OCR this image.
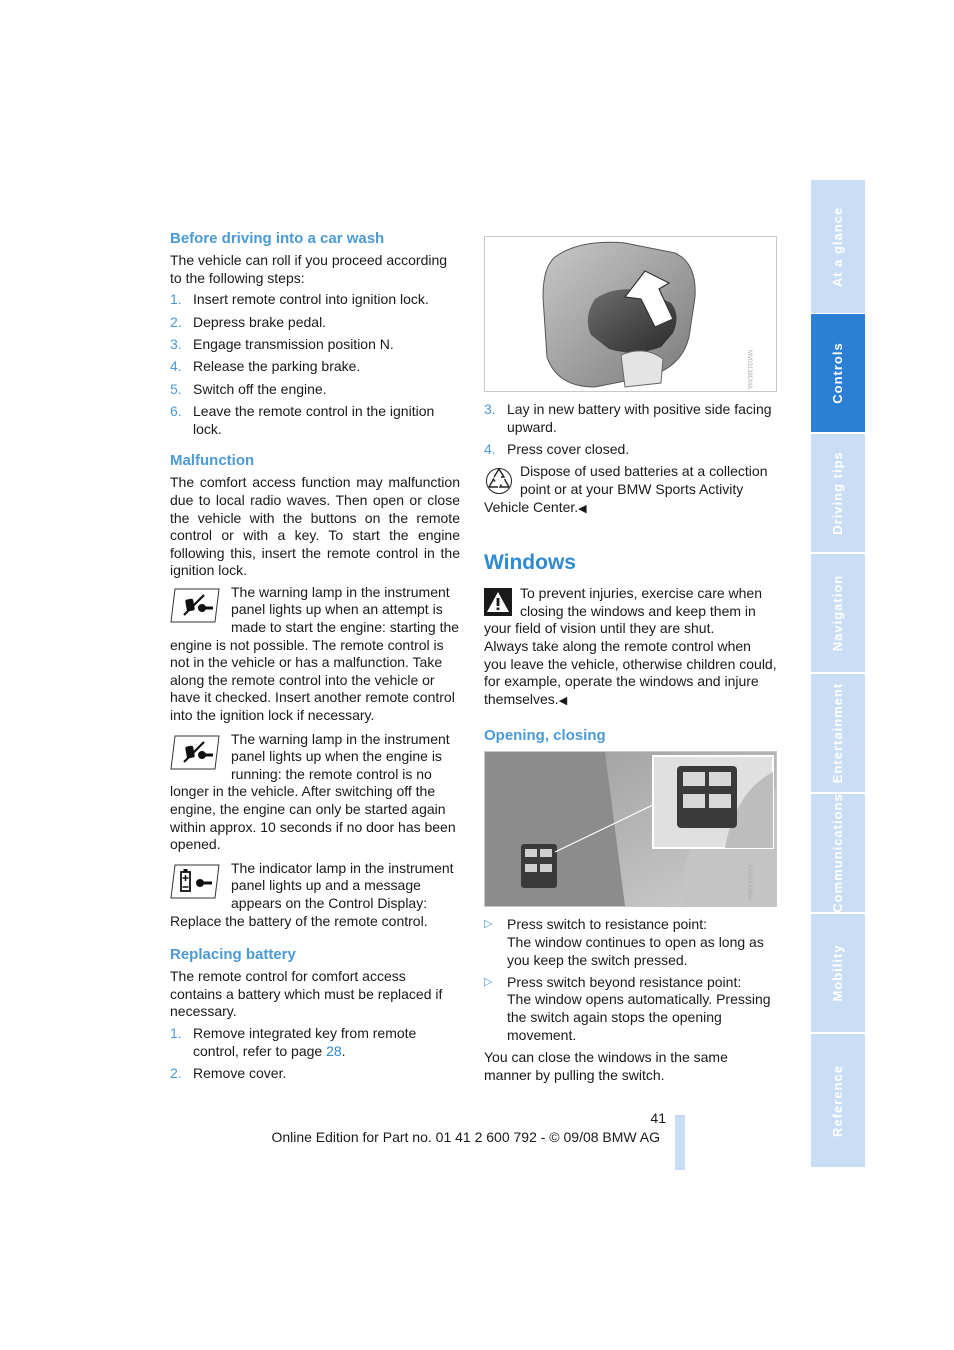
Before driving into a car wash

The vehicle can roll if you proceed according to the following steps:

1. Insert remote control into ignition lock.
2. Depress brake pedal.
3. Engage transmission position N.
4. Release the parking brake.
5. Switch off the engine.
6. Leave the remote control in the ignition lock.

Malfunction

The comfort access function may malfunction due to local radio waves. Then open or close the vehicle with the buttons on the remote control or with a key. To start the engine following this, insert the remote control in the ignition lock.

The warning lamp in the instrument panel lights up when an attempt is made to start the engine: starting the engine is not possible. The remote control is not in the vehicle or has a malfunction. Take along the remote control into the vehicle or have it checked. Insert another remote control into the ignition lock if necessary.

The warning lamp in the instrument panel lights up when the engine is running: the remote control is no longer in the vehicle. After switching off the engine, the engine can only be started again within approx. 10 seconds if no door has been opened.

The indicator lamp in the instrument panel lights up and a message appears on the Control Display: Replace the battery of the remote control.

Replacing battery

The remote control for comfort access contains a battery which must be replaced if necessary.

1. Remove integrated key from remote control, refer to page 28.
2. Remove cover.
MV03138CMA
3. Lay in new battery with positive side facing upward.
4. Press cover closed.

Dispose of used batteries at a collection point or at your BMW Sports Activity Vehicle Center.◀

Windows

To prevent injuries, exercise care when closing the windows and keep them in your field of vision until they are shut.

Always take along the remote control when you leave the vehicle, otherwise children could, for example, operate the windows and injure themselves.◀

Opening, closing

MV03133MA
▷ Press switch to resistance point:

The window continues to open as long as you keep the switch pressed.

▷ Press switch beyond resistance point:

The window opens automatically. Pressing the switch again stops the opening movement.

You can close the windows in the same manner by pulling the switch.

At a glance
Controls
Driving tips
Navigation
Entertainment
Communications
Mobility
Reference
41
Online Edition for Part no. 01 41 2 600 792 - © 09/08 BMW AG
